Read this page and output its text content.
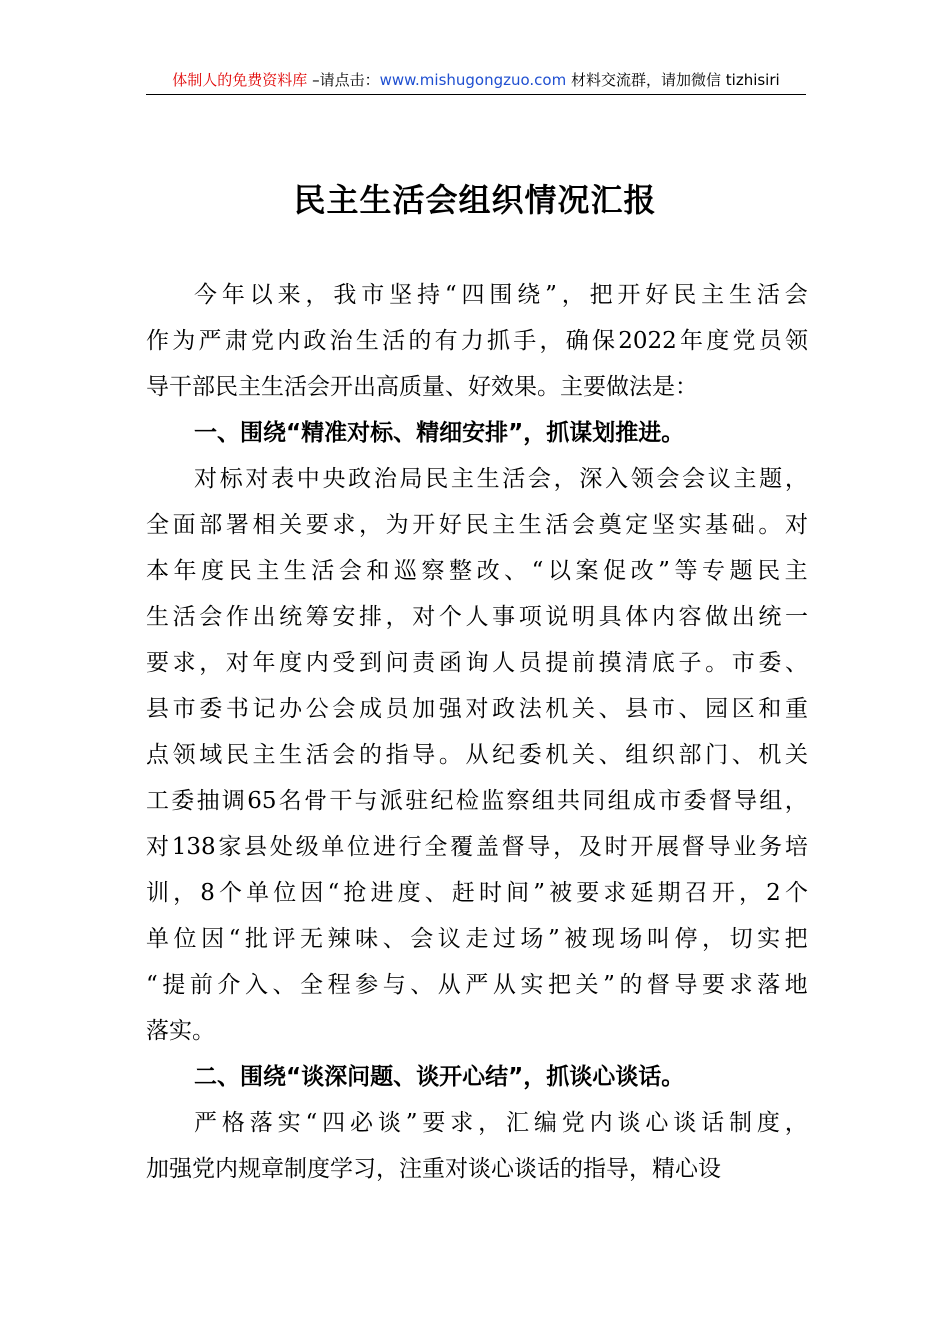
体制人的免费资料库 –请点击：www.mishugongzuo.com 材料交流群，请加微信 tizhisiri
民主生活会组织情况汇报
今 年 以 来 ， 我 市 坚 持 “ 四 围 绕 ” ， 把 开 好 民 主 生 活 会
作 为 严 肃 党 内 政 治 生 活 的 有 力 抓 手 ， 确 保 2022 年 度 党 员 领
导干部民主生活会开出高质量、好效果。主要做法是：
一、围绕“精准对标、精细安排”，抓谋划推进。
对 标 对 表 中 央 政 治 局 民 主 生 活 会 ， 深 入 领 会 会 议 主 题 ，
全 面 部 署 相 关 要 求 ， 为 开 好 民 主 生 活 会 奠 定 坚 实 基 础 。 对
本 年 度 民 主 生 活 会 和 巡 察 整 改 、 “ 以 案 促 改 ” 等 专 题 民 主
生 活 会 作 出 统 筹 安 排 ， 对 个 人 事 项 说 明 具 体 内 容 做 出 统 一
要 求 ， 对 年 度 内 受 到 问 责 函 询 人 员 提 前 摸 清 底 子 。 市 委 、
县 市 委 书 记 办 公 会 成 员 加 强 对 政 法 机 关 、 县 市 、 园 区 和 重
点 领 域 民 主 生 活 会 的 指 导 。 从 纪 委 机 关 、 组 织 部 门 、 机 关
工 委 抽 调 65 名 骨 干 与 派 驻 纪 检 监 察 组 共 同 组 成 市 委 督 导 组 ，
对 138 家 县 处 级 单 位 进 行 全 覆 盖 督 导 ， 及 时 开 展 督 导 业 务 培
训 ， 8 个 单 位 因 “ 抢 进 度 、 赶 时 间 ” 被 要 求 延 期 召 开 ， 2 个
单 位 因 “ 批 评 无 辣 味 、 会 议 走 过 场 ” 被 现 场 叫 停 ， 切 实 把
“ 提 前 介 入 、 全 程 参 与 、 从 严 从 实 把 关 ” 的 督 导 要 求 落 地
落实。
二、围绕“谈深问题、谈开心结”，抓谈心谈话。
严 格 落 实 “ 四 必 谈 ” 要 求 ， 汇 编 党 内 谈 心 谈 话 制 度 ，
加强党内规章制度学习，注重对谈心谈话的指导，精心设
